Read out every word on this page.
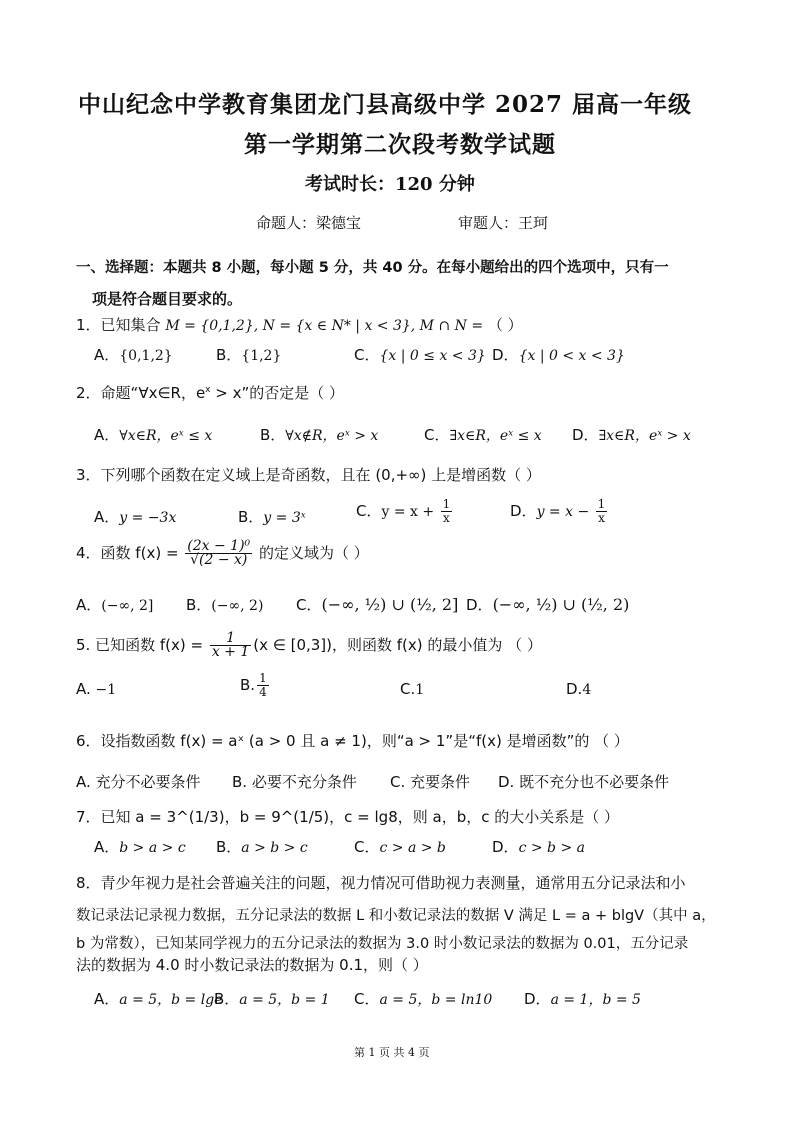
中山纪念中学教育集团龙门县高级中学 2027 届高一年级
第一学期第二次段考数学试题
考试时长：120 分钟
命题人：梁德宝	审题人：王珂
一、选择题：本题共 8 小题，每小题 5 分，共 40 分。在每小题给出的四个选项中，只有一
项是符合题目要求的。
1．已知集合 M = {0,1,2}, N = {x ∈ N* | x < 3}, M ∩ N = （ ）
A．{0,1,2}	B．{1,2}	C．{x | 0 ≤ x < 3} D．{x | 0 < x < 3}
2．命题“∀x∈R，$e^x > x$”的否定是（ ）
A．∀x∈R，eˣ ≤ x	B．∀x∉R，eˣ > x	C．∃x∈R，eˣ ≤ x D．∃x∈R，eˣ > x
3．下列哪个函数在定义域上是奇函数，且在 (0,+∞) 上是增函数（ ）
A．y = −3x	B．y = 3ˣ	C．$y = x + \frac{1}{x}$	D．$y = x - \frac{1}{x}$
4．函数 $f(x) = \frac{\text{(2x − 1)⁰}}{√(2 - x)}$ 的定义域为（ ）
A．(−∞, 2] B．(−∞, 2) C．(−∞, ½) ∪ (½, 2] D．(−∞, ½) ∪ (½, 2)
5. 已知函数 $f(x) = \frac{1}{x + 1} (x$ ∈ [0,3])，则函数 f(x) 的最小值为 （ ）
A. −1	B. $\frac{1}{4}$	C.1	D.4
6．设指数函数 f(x) = aˣ (a > 0 且 a ≠ 1)，则“a > 1”是“f(x) 是增函数”的 （ ）
A. 充分不必要条件 B. 必要不充分条件 C. 充要条件 D. 既不充分也不必要条件
7．已知 a = 3^(1/3)，b = 9^(1/5)，c = lg8，则 a，b，c 的大小关系是（ ）
A．b > a > c B．a > b > c	C．c > a > b	D．c > b > a
8．青少年视力是社会普遍关注的问题，视力情况可借助视力表测量，通常用五分记录法和小
数记录法记录视力数据，五分记录法的数据 L 和小数记录法的数据 V 满足 L = a + blgV（其中 a，
b 为常数），已知某同学视力的五分记录法的数据为 3.0 时小数记录法的数据为 0.01，五分记录
法的数据为 4.0 时小数记录法的数据为 0.1，则（ ）
A．a = 5，b = lge
B．a = 5，b = 1 C．a = 5，b = ln10 D．a = 1，b = 5
第 1 页 共 4 页
